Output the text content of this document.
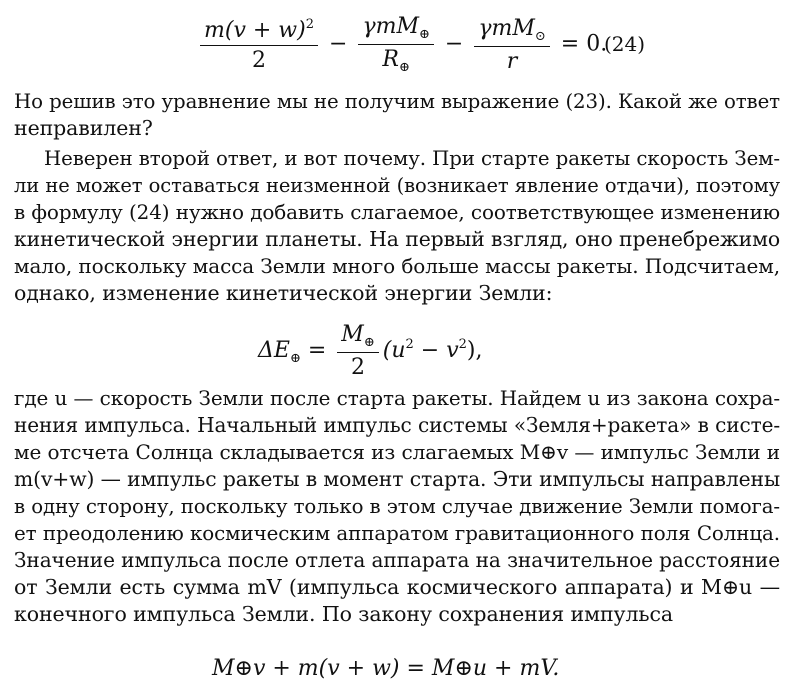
$\frac{m(v + w)^2}{2} - \frac{\gamma mM_\oplus}{R_\oplus} - \frac{\gamma mM_⊙}{r} = 0$.
(24)
Но решив это уравнение мы не получим выражение (23). Какой же ответ
неправилен?
Неверен второй ответ, и вот почему. При старте ракеты скорость Зем-
ли не может оставаться неизменной (возникает явление отдачи), поэтому
в формулу (24) нужно добавить слагаемое, соответствующее изменению
кинетической энергии планеты. На первый взгляд, оно пренебрежимо
мало, поскольку масса Земли много больше массы ракеты. Подсчитаем,
однако, изменение кинетической энергии Земли:
$\Delta E_\oplus = \frac{M_\oplus}{2} (u^2 - v^2)$,
где u — скорость Земли после старта ракеты. Найдем u из закона сохра-
нения импульса. Начальный импульс системы «Земля+ракета» в систе-
ме отсчета Солнца складывается из слагаемых M⊕v — импульс Земли и
m(v+w) — импульс ракеты в момент старта. Эти импульсы направлены
в одну сторону, поскольку только в этом случае движение Земли помога-
ет преодолению космическим аппаратом гравитационного поля Солнца.
Значение импульса после отлета аппарата на значительное расстояние
от Земли есть сумма mV (импульса космического аппарата) и M⊕u —
конечного импульса Земли. По закону сохранения импульса
M⊕v + m(v + w) = M⊕u + mV.
